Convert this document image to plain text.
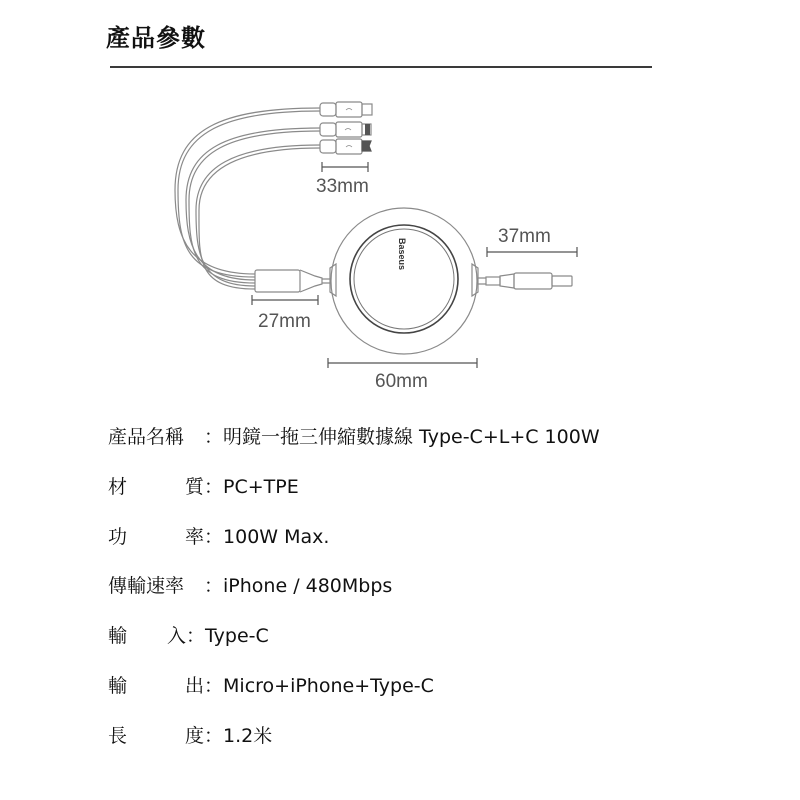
產品參數
Baseus
33mm
27mm
60mm
37mm
產品名稱 ：明鏡一拖三伸縮數據線 Type-C+L+C 100W
材	質 ：PC+TPE
功	率 ：100W Max.
傳輸速率 ：iPhone / 480Mbps
輸 入 ：Type-C
輸	出 ：Micro+iPhone+Type-C
長	度 ：1.2米
